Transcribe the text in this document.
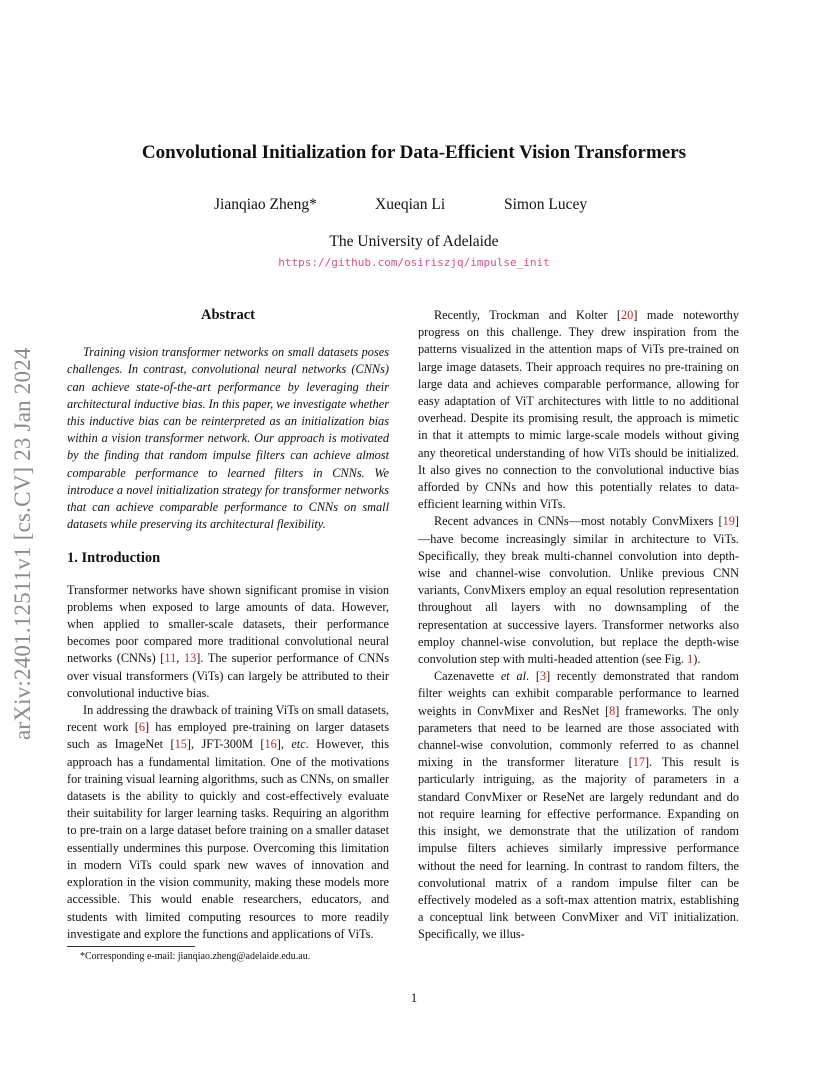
arXiv:2401.12511v1 [cs.CV] 23 Jan 2024
Convolutional Initialization for Data-Efficient Vision Transformers
Jianqiao Zheng*	Xueqian Li	Simon Lucey
The University of Adelaide
https://github.com/osiriszjq/impulse_init
Abstract

Training vision transformer networks on small datasets poses challenges. In contrast, convolutional neural networks (CNNs) can achieve state-of-the-art performance by leveraging their architectural inductive bias. In this paper, we investigate whether this inductive bias can be reinterpreted as an initialization bias within a vision transformer network. Our approach is motivated by the finding that random impulse filters can achieve almost comparable performance to learned filters in CNNs. We introduce a novel initialization strategy for transformer networks that can achieve comparable performance to CNNs on small datasets while preserving its architectural flexibility.

1. Introduction

Transformer networks have shown significant promise in vision problems when exposed to large amounts of data. However, when applied to smaller-scale datasets, their performance becomes poor compared more traditional convolutional neural networks (CNNs) [11, 13]. The superior performance of CNNs over visual transformers (ViTs) can largely be attributed to their convolutional inductive bias.

In addressing the drawback of training ViTs on small datasets, recent work [6] has employed pre-training on larger datasets such as ImageNet [15], JFT-300M [16], etc. However, this approach has a fundamental limitation. One of the motivations for training visual learning algorithms, such as CNNs, on smaller datasets is the ability to quickly and cost-effectively evaluate their suitability for larger learning tasks. Requiring an algorithm to pre-train on a large dataset before training on a smaller dataset essentially undermines this purpose. Overcoming this limitation in modern ViTs could spark new waves of innovation and exploration in the vision community, making these models more accessible. This would enable researchers, educators, and students with limited computing resources to more readily investigate and explore the functions and applications of ViTs.

Recently, Trockman and Kolter [20] made noteworthy progress on this challenge. They drew inspiration from the patterns visualized in the attention maps of ViTs pre-trained on large image datasets. Their approach requires no pre-training on large data and achieves comparable performance, allowing for easy adaptation of ViT architectures with little to no additional overhead. Despite its promising result, the approach is mimetic in that it attempts to mimic large-scale models without giving any theoretical understanding of how ViTs should be initialized. It also gives no connection to the convolutional inductive bias afforded by CNNs and how this potentially relates to data-efficient learning within ViTs.

Recent advances in CNNs—most notably ConvMixers [19]—have become increasingly similar in architecture to ViTs. Specifically, they break multi-channel convolution into depth-wise and channel-wise convolution. Unlike previous CNN variants, ConvMixers employ an equal resolution representation throughout all layers with no downsampling of the representation at successive layers. Transformer networks also employ channel-wise convolution, but replace the depth-wise convolution step with multi-headed attention (see Fig. 1).

Cazenavette et al. [3] recently demonstrated that random filter weights can exhibit comparable performance to learned weights in ConvMixer and ResNet [8] frameworks. The only parameters that need to be learned are those associated with channel-wise convolution, commonly referred to as channel mixing in the transformer literature [17]. This result is particularly intriguing, as the majority of parameters in a standard ConvMixer or ReseNet are largely redundant and do not require learning for effective performance. Expanding on this insight, we demonstrate that the utilization of random impulse filters achieves similarly impressive performance without the need for learning. In contrast to random filters, the convolutional matrix of a random impulse filter can be effectively modeled as a soft-max attention matrix, establishing a conceptual link between ConvMixer and ViT initialization. Specifically, we illus-

*Corresponding e-mail: jianqiao.zheng@adelaide.edu.au.
1
